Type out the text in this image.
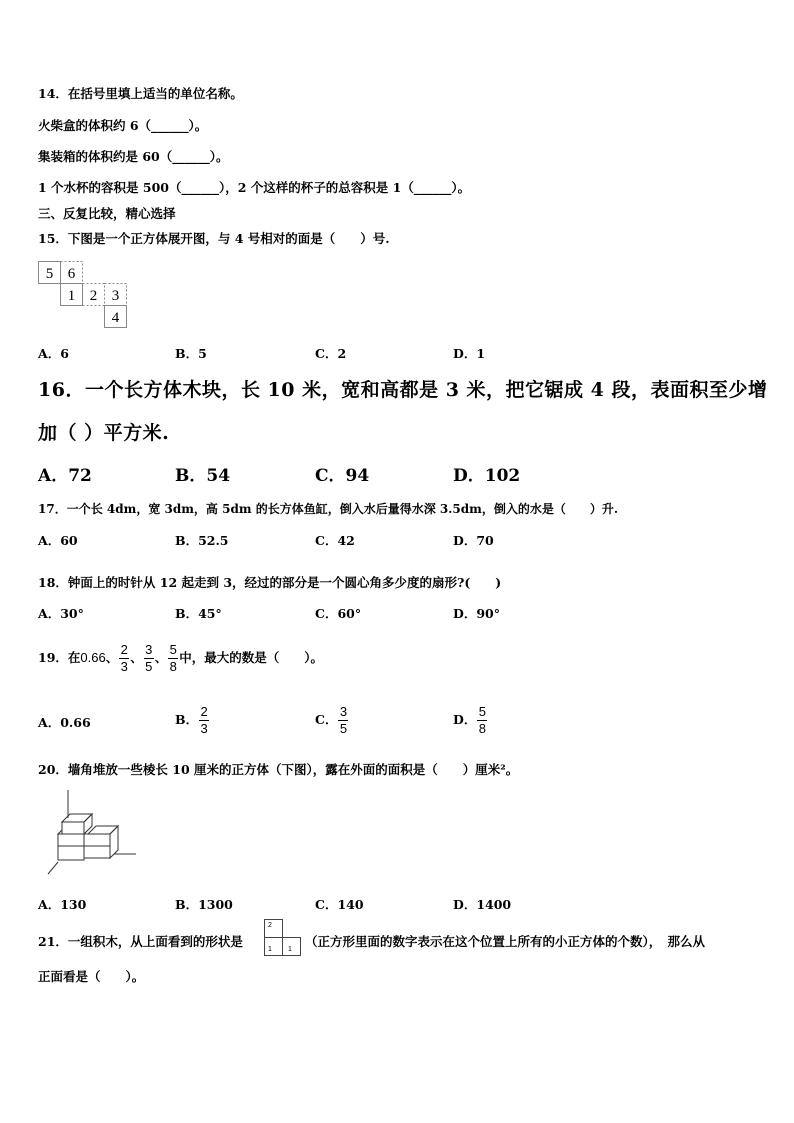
14．在括号里填上适当的单位名称。
火柴盒的体积约 6（______）。
集装箱的体积约是 60（______）。
1 个水杯的容积是 500（______），2 个这样的杯子的总容积是 1（______）。
三、反复比较，精心选择
15．下图是一个正方体展开图，与 4 号相对的面是（　　）号.
5 6
1 2 3
4
A．6	B．5	C．2	D．1
16．一个长方体木块，长 10 米，宽和高都是 3 米，把它锯成 4 段，表面积至少增
加（ ）平方米.
A．72	B．54	C．94	D．102
17．一个长 4dm，宽 3dm，高 5dm 的长方体鱼缸，倒入水后量得水深 3.5dm，倒入的水是（　　）升.
A．60	B．52.5	C．42	D．70
18．钟面上的时针从 12 起走到 3，经过的部分是一个圆心角多少度的扇形?(　　)
A．30°	B．45°	C．60°	D．90°
19．在0.66、 $\frac{2}{3}$ 、 $\frac{3}{5}$ 、 $\frac{5}{8}$ 中，最大的数是（　　）。
A．0.66	B． $\frac{2}{3}$	C． $\frac{3}{5}$	D． $\frac{5}{8}$
20．墙角堆放一些棱长 10 厘米的正方体（下图），露在外面的面积是（　　）厘米²。
A．130	B．1300	C．140	D．1400
21．一组积木，从上面看到的形状是
2
1 1
（正方形里面的数字表示在这个位置上所有的小正方体的个数），　那么从
正面看是（　　）。
